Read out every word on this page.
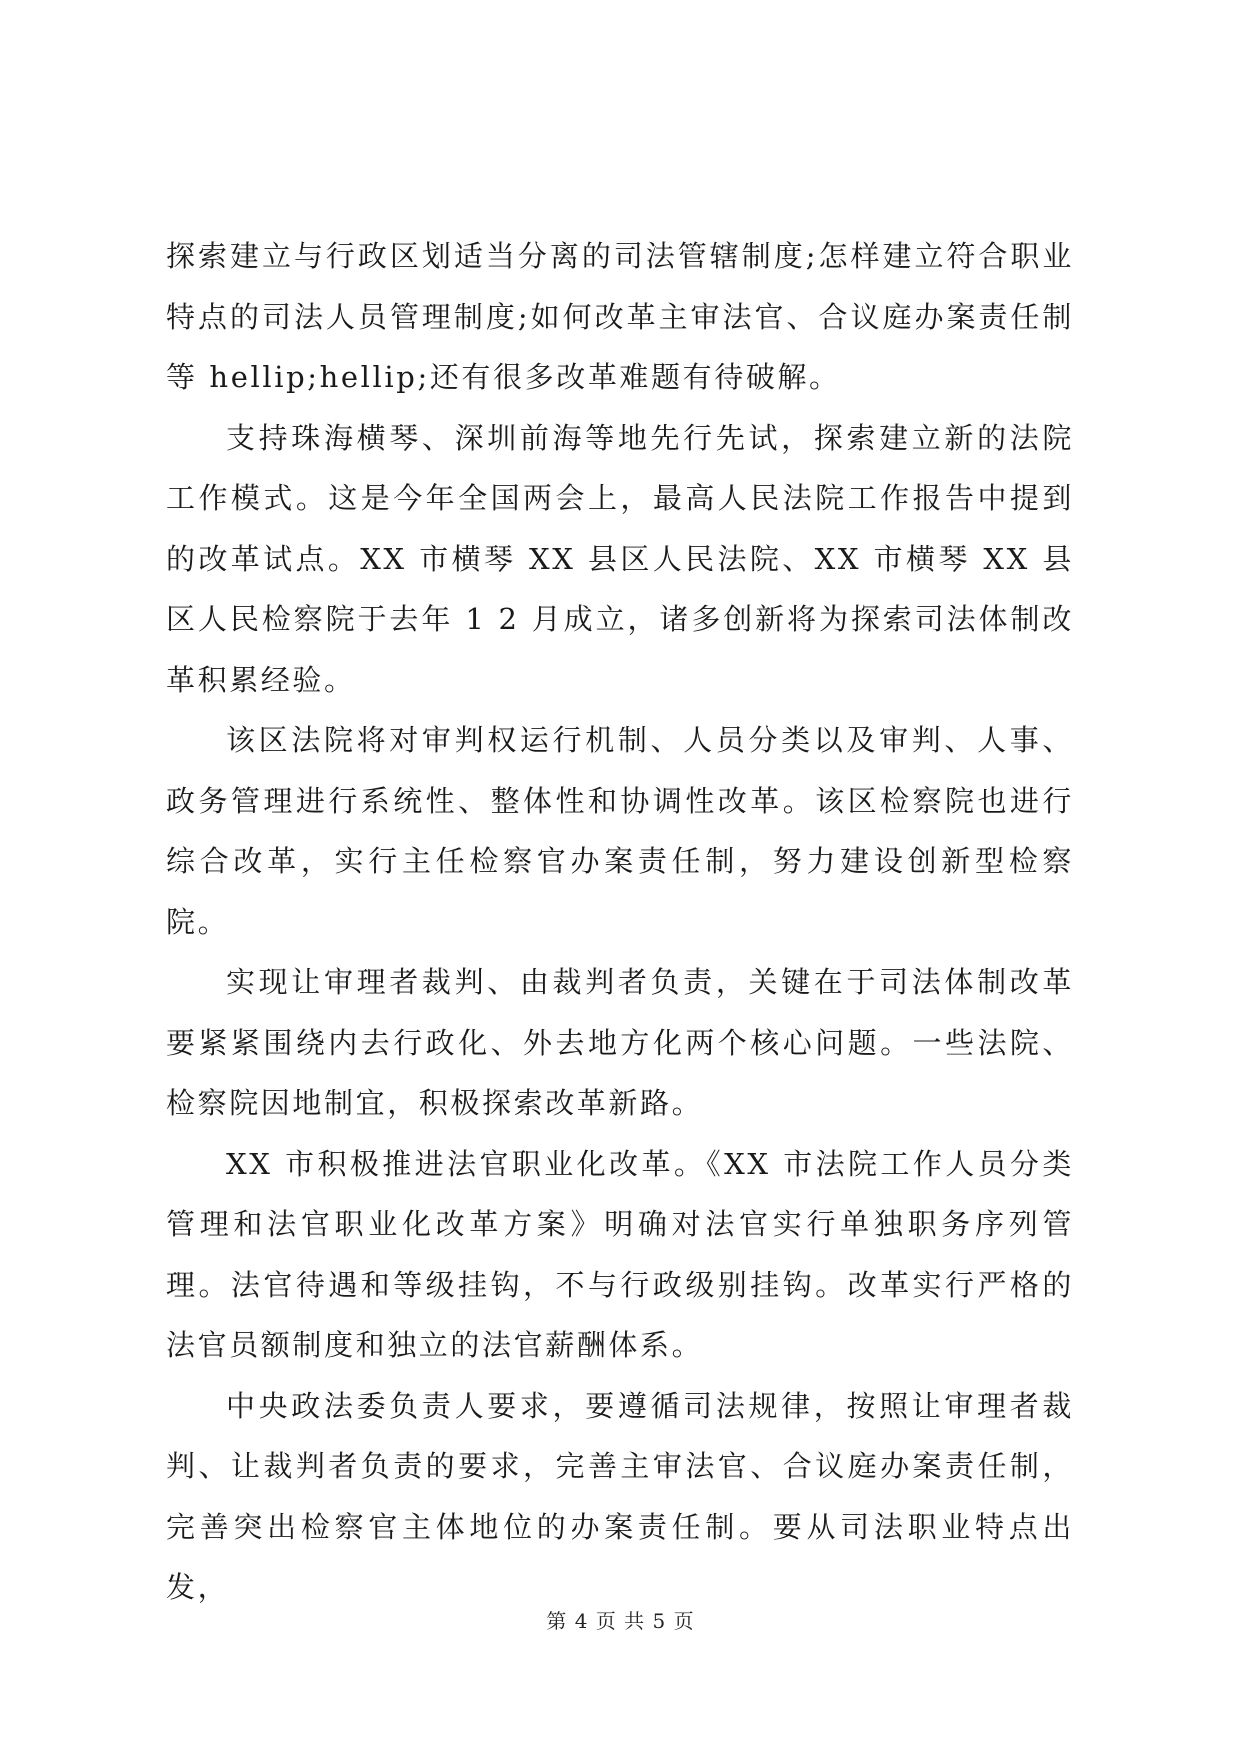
探索建立与行政区划适当分离的司法管辖制度;怎样建立符合职业特点的司法人员管理制度;如何改革主审法官、合议庭办案责任制等 hellip;hellip;还有很多改革难题有待破解。

支持珠海横琴、深圳前海等地先行先试，探索建立新的法院工作模式。这是今年全国两会上，最高人民法院工作报告中提到的改革试点。XX 市横琴 XX 县区人民法院、XX 市横琴 XX 县区人民检察院于去年 1 2 月成立，诸多创新将为探索司法体制改革积累经验。

该区法院将对审判权运行机制、人员分类以及审判、人事、政务管理进行系统性、整体性和协调性改革。该区检察院也进行综合改革，实行主任检察官办案责任制，努力建设创新型检察院。

实现让审理者裁判、由裁判者负责，关键在于司法体制改革要紧紧围绕内去行政化、外去地方化两个核心问题。一些法院、检察院因地制宜，积极探索改革新路。

XX 市积极推进法官职业化改革。《XX 市法院工作人员分类管理和法官职业化改革方案》明确对法官实行单独职务序列管理。法官待遇和等级挂钩，不与行政级别挂钩。改革实行严格的法官员额制度和独立的法官薪酬体系。

中央政法委负责人要求，要遵循司法规律，按照让审理者裁判、让裁判者负责的要求，完善主审法官、合议庭办案责任制，完善突出检察官主体地位的办案责任制。要从司法职业特点出发，

第 4 页 共 5 页
